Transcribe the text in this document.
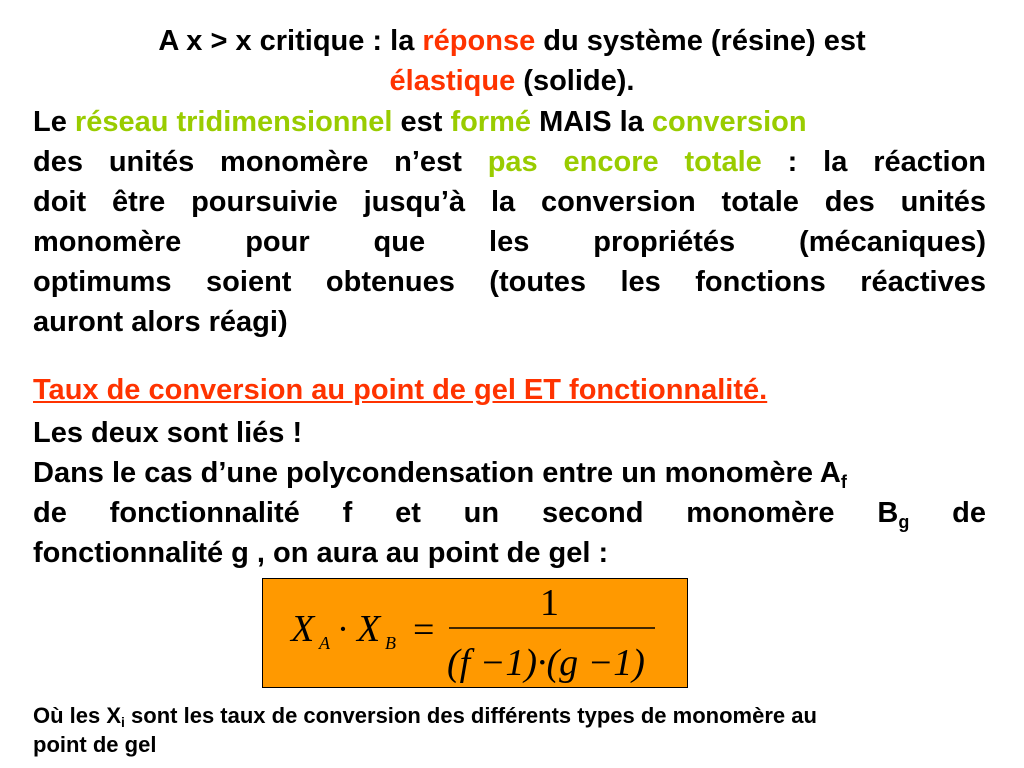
A x > x critique : la réponse du système (résine) est
élastique (solide).
Le réseau tridimensionnel est formé MAIS la conversion
des unités monomère n’est pas encore totale : la réaction
doit être poursuivie jusqu’à la conversion totale des unités
monomère pour que les propriétés (mécaniques)
optimums soient obtenues (toutes les fonctions réactives
auront alors réagi)
Taux de conversion au point de gel ET fonctionnalité.
Les deux sont liés !
Dans le cas d’une polycondensation entre un monomère $A_f$
de fonctionnalité f et un second monomère $B_g$ de
fonctionnalité g , on aura au point de gel :
X A · X B =
1
(f −1)·(g −1)
Où les $X_i$ sont les taux de conversion des différents types de monomère au
point de gel
